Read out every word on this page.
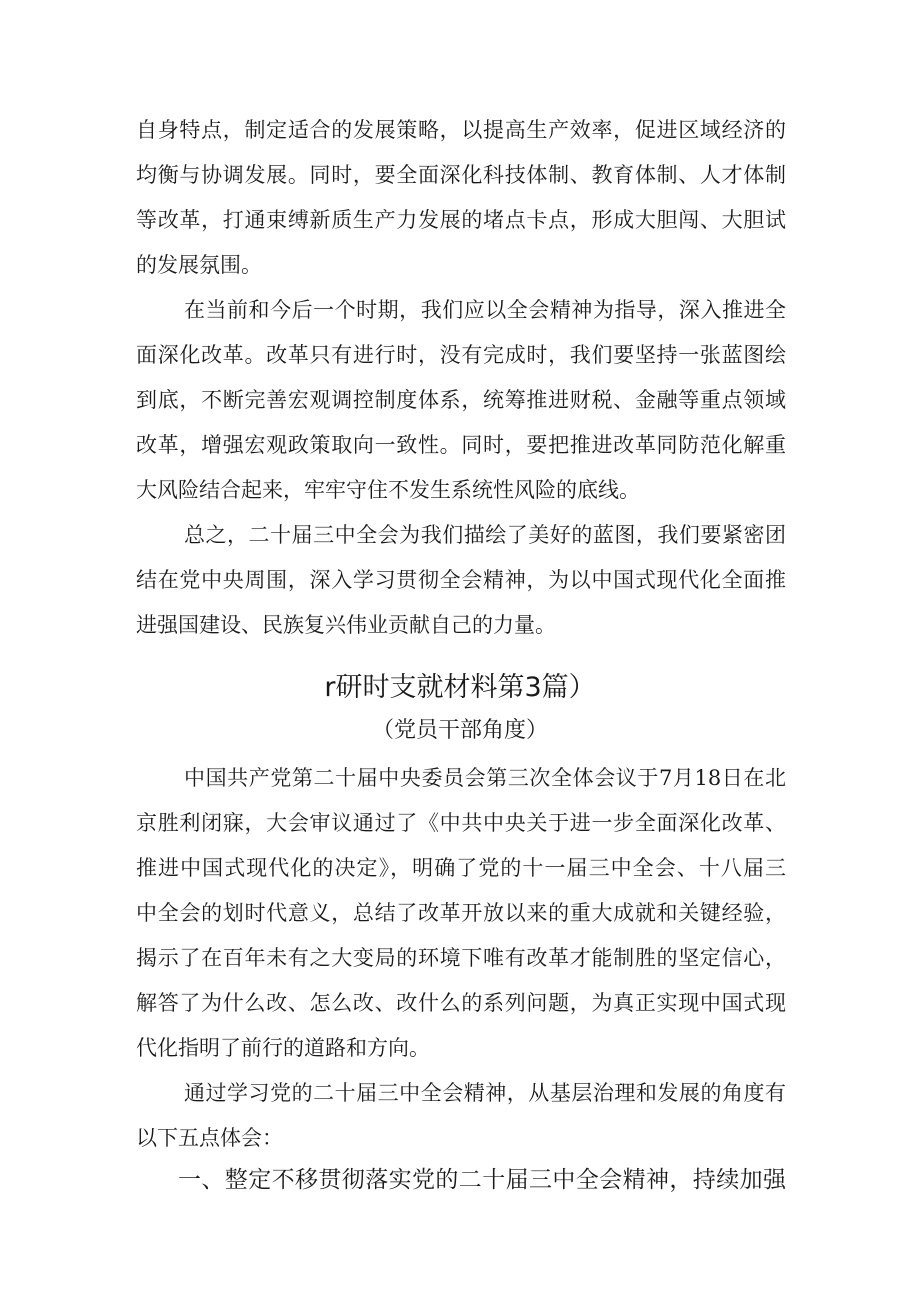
自身特点，制定适合的发展策略，以提高生产效率，促进区域经济的
均衡与协调发展。同时，要全面深化科技体制、教育体制、人才体制
等改革，打通束缚新质生产力发展的堵点卡点，形成大胆闯、大胆试
的发展氛围。
在当前和今后一个时期，我们应以全会精神为指导，深入推进全
面深化改革。改革只有进行时，没有完成时，我们要坚持一张蓝图绘
到底，不断完善宏观调控制度体系，统筹推进财税、金融等重点领域
改革，增强宏观政策取向一致性。同时，要把推进改革同防范化解重
大风险结合起来，牢牢守住不发生系统性风险的底线。
总之，二十届三中全会为我们描绘了美好的蓝图，我们要紧密团
结在党中央周围，深入学习贯彻全会精神，为以中国式现代化全面推
进强国建设、民族复兴伟业贡献自己的力量。
r研时支就材料第3篇）
（党员干部角度）
中国共产党第二十届中央委员会第三次全体会议于7月18日在北
京胜利闭寐，大会审议通过了《中共中央关于进一步全面深化改革、
推进中国式现代化的决定》，明确了党的十一届三中全会、十八届三
中全会的划时代意义，总结了改革开放以来的重大成就和关键经验，
揭示了在百年未有之大变局的环境下唯有改革才能制胜的坚定信心，
解答了为什么改、怎么改、改什么的系列问题，为真正实现中国式现
代化指明了前行的道路和方向。
通过学习党的二十届三中全会精神，从基层治理和发展的角度有
以下五点体会：
一、整定不移贯彻落实党的二十届三中全会精神，持续加强
